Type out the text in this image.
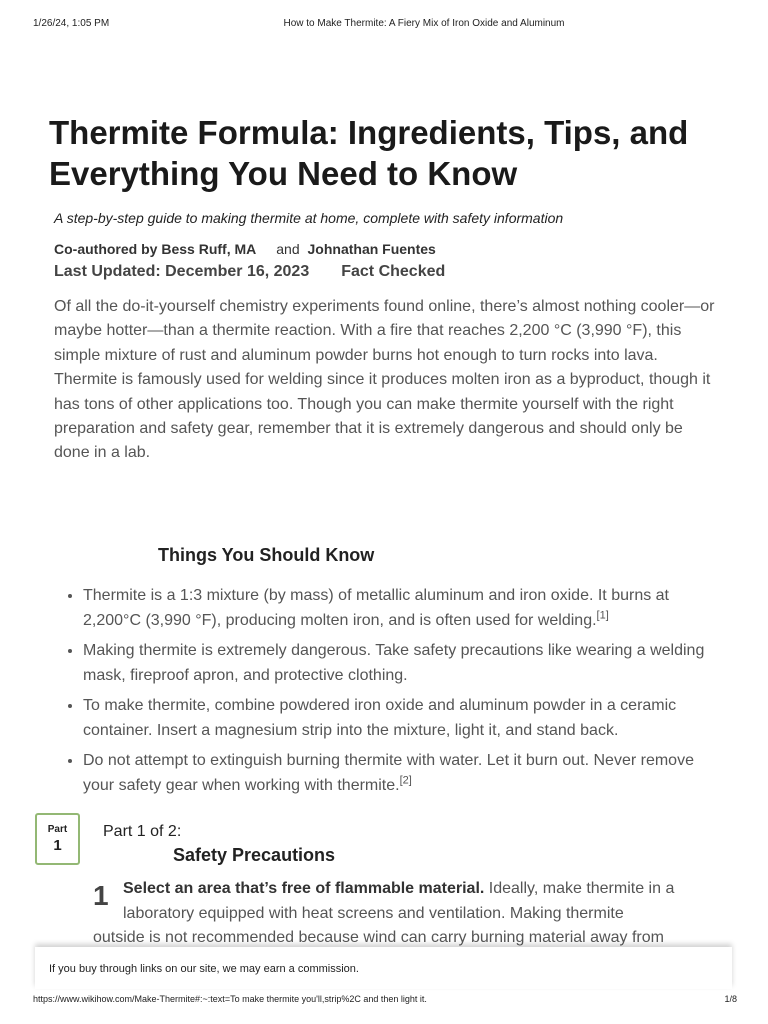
1/26/24, 1:05 PM	How to Make Thermite: A Fiery Mix of Iron Oxide and Aluminum
Thermite Formula: Ingredients, Tips, and Everything You Need to Know
A step-by-step guide to making thermite at home, complete with safety information
Co-authored by Bess Ruff, MA and Johnathan Fuentes
Last Updated: December 16, 2023 Fact Checked

Of all the do-it-yourself chemistry experiments found online, there’s almost nothing cooler—or maybe hotter—than a thermite reaction. With a fire that reaches 2,200 °C (3,990 °F), this simple mixture of rust and aluminum powder burns hot enough to turn rocks into lava. Thermite is famously used for welding since it produces molten iron as a byproduct, though it has tons of other applications too. Though you can make thermite yourself with the right preparation and safety gear, remember that it is extremely dangerous and should only be done in a lab.

Things You Should Know
• Thermite is a 1:3 mixture (by mass) of metallic aluminum and iron oxide. It burns at 2,200°C (3,990 °F), producing molten iron, and is often used for welding.[1]
• Making thermite is extremely dangerous. Take safety precautions like wearing a welding mask, fireproof apron, and protective clothing.
• To make thermite, combine powdered iron oxide and aluminum powder in a ceramic container. Insert a magnesium strip into the mixture, light it, and stand back.
• Do not attempt to extinguish burning thermite with water. Let it burn out. Never remove your safety gear when working with thermite.[2]
Part
1
Part 1 of 2:
Safety Precautions
1 Select an area that’s free of flammable material. Ideally, make thermite in a laboratory equipped with heat screens and ventilation. Making thermite

outside is not recommended because wind can carry burning material away from

If you buy through links on our site, we may earn a commission.
https://www.wikihow.com/Make-Thermite#:~:text=To make thermite you'll,strip%2C and then light it.	1/8
